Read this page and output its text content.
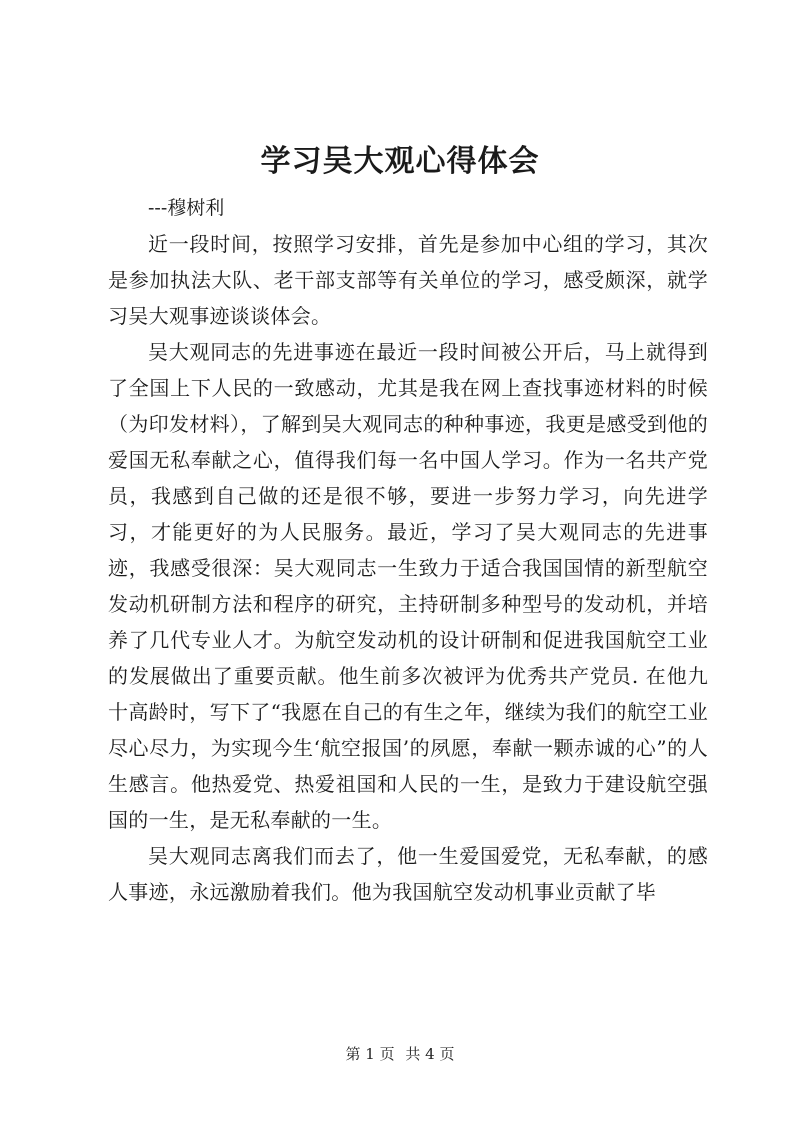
学习吴大观心得体会

---穆树利

近一段时间，按照学习安排，首先是参加中心组的学习，其次是参加执法大队、老干部支部等有关单位的学习，感受颇深，就学习吴大观事迹谈谈体会。

吴大观同志的先进事迹在最近一段时间被公开后，马上就得到了全国上下人民的一致感动，尤其是我在网上查找事迹材料的时候（为印发材料），了解到吴大观同志的种种事迹，我更是感受到他的爱国无私奉献之心，值得我们每一名中国人学习。作为一名共产党员，我感到自己做的还是很不够，要进一步努力学习，向先进学习，才能更好的为人民服务。最近，学习了吴大观同志的先进事迹，我感受很深：吴大观同志一生致力于适合我国国情的新型航空发动机研制方法和程序的研究，主持研制多种型号的发动机，并培养了几代专业人才。为航空发动机的设计研制和促进我国航空工业的发展做出了重要贡献。他生前多次被评为优秀共产党员. 在他九十高龄时，写下了“我愿在自己的有生之年，继续为我们的航空工业尽心尽力，为实现今生‘航空报国’的夙愿，奉献一颗赤诚的心”的人生感言。他热爱党、热爱祖国和人民的一生，是致力于建设航空强国的一生，是无私奉献的一生。

吴大观同志离我们而去了，他一生爱国爱党，无私奉献，的感人事迹，永远激励着我们。他为我国航空发动机事业贡献了毕

第 1 页 共 4 页
